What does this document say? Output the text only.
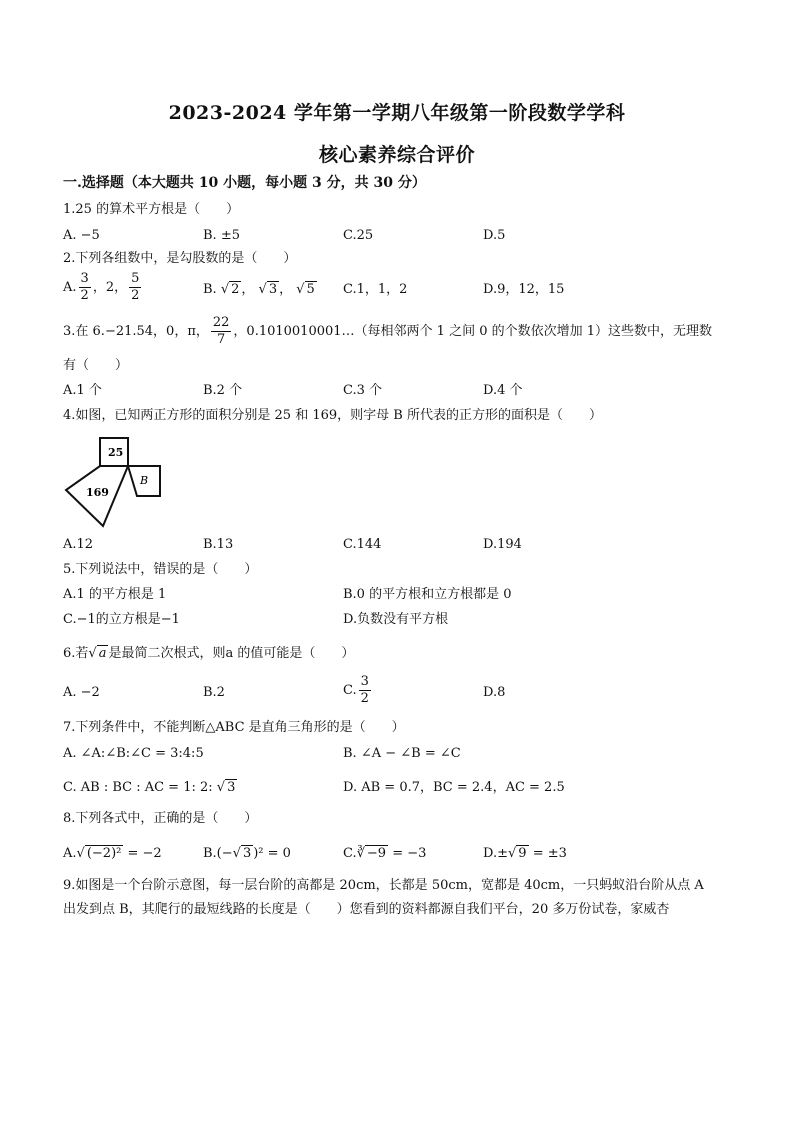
2023-2024 学年第一学期八年级第一阶段数学学科
核心素养综合评价
一.选择题（本大题共 10 小题，每小题 3 分，共 30 分）
1.25 的算术平方根是（　　）
A. −5	B. ±5	C.25	D.5
2.下列各组数中，是勾股数的是（　　）
A. $\frac{3}{2}$ ，2， $\frac{5}{2}$	B. √ 2 ， √ 3 ， √ 5 C.1，1，2	D.9，12，15
3.在 6.−21.54，0，π， $\frac{22}{7}$ ，0.1010010001…（每相邻两个 1 之间 0 的个数依次增加 1）这些数中，无理数
有（　　）
A.1 个	B.2 个	C.3 个	D.4 个
4.如图，已知两正方形的面积分别是 25 和 169，则字母 B 所代表的正方形的面积是（　　）
25
169
B
A.12	B.13	C.144	D.194
5.下列说法中，错误的是（　　）
A.1 的平方根是 1	B.0 的平方根和立方根都是 0
C.−1的立方根是−1	D.负数没有平方根
6.若√ a 是最简二次根式，则a 的值可能是（　　）
A. −2	B.2	C. $\frac{3}{2}$	D.8
7.下列条件中，不能判断△ABC 是直角三角形的是（　　）
A. ∠A:∠B:∠C = 3:4:5	B. ∠A − ∠B = ∠C
C. AB : BC : AC = 1: 2: √ 3	D. AB = 0.7，BC = 2.4，AC = 2.5
8.下列各式中，正确的是（　　）
A.√ (−2)² = −2	B.(−√ 3 )² = 0	C.∛ −9 = −3	D.±√ 9 = ±3
9.如图是一个台阶示意图，每一层台阶的高都是 20cm，长都是 50cm，宽都是 40cm，一只蚂蚁沿台阶从点 A
出发到点 B，其爬行的最短线路的长度是（　　）您看到的资料都源自我们平台，20 多万份试卷，家威杏
